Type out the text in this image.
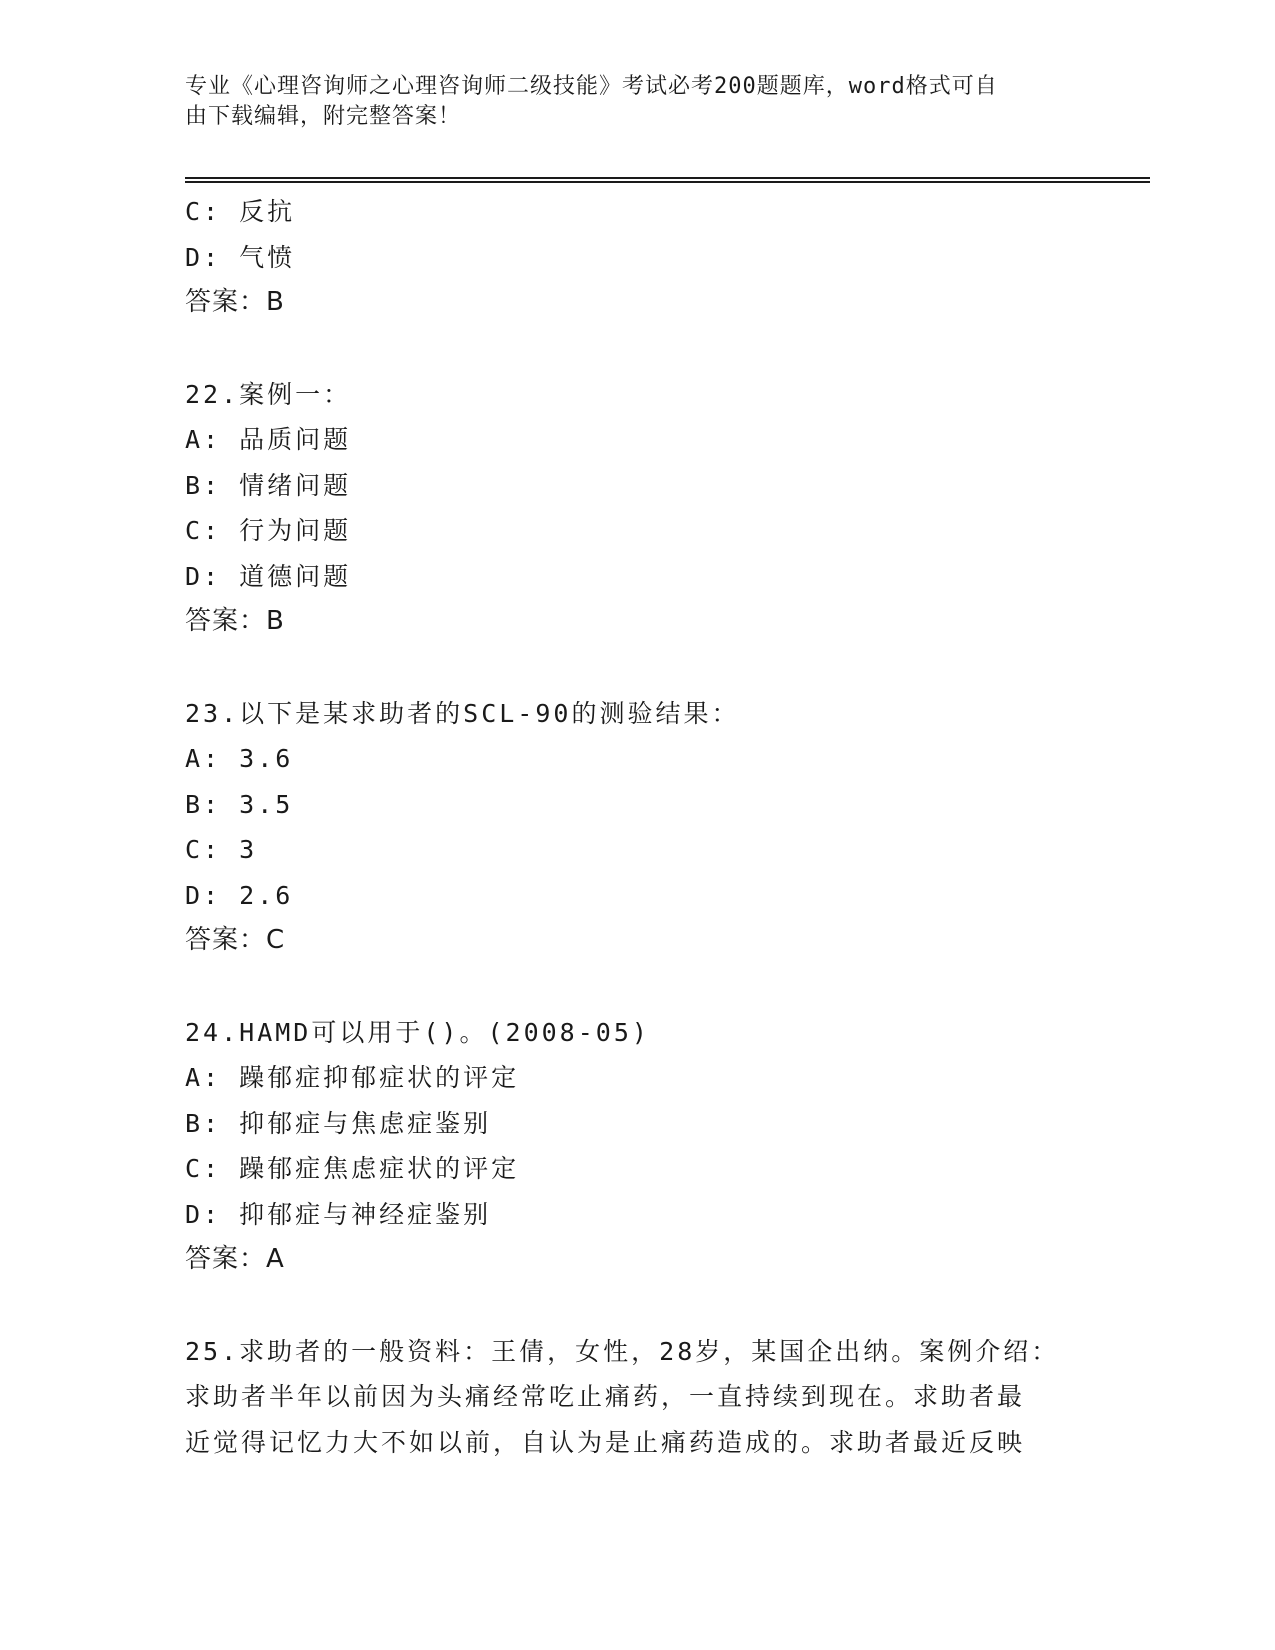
专业《心理咨询师之心理咨询师二级技能》考试必考200题题库，word格式可自
由下载编辑，附完整答案！
C: 反抗
D: 气愤
答案：B
22.案例一：
A: 品质问题
B: 情绪问题
C: 行为问题
D: 道德问题
答案：B
23.以下是某求助者的SCL-90的测验结果：
A: 3.6
B: 3.5
C: 3
D: 2.6
答案：C
24.HAMD可以用于()。(2008-05)
A: 躁郁症抑郁症状的评定
B: 抑郁症与焦虑症鉴别
C: 躁郁症焦虑症状的评定
D: 抑郁症与神经症鉴别
答案：A
25.求助者的一般资料：王倩，女性，28岁，某国企出纳。案例介绍：
求助者半年以前因为头痛经常吃止痛药，一直持续到现在。求助者最
近觉得记忆力大不如以前，自认为是止痛药造成的。求助者最近反映
